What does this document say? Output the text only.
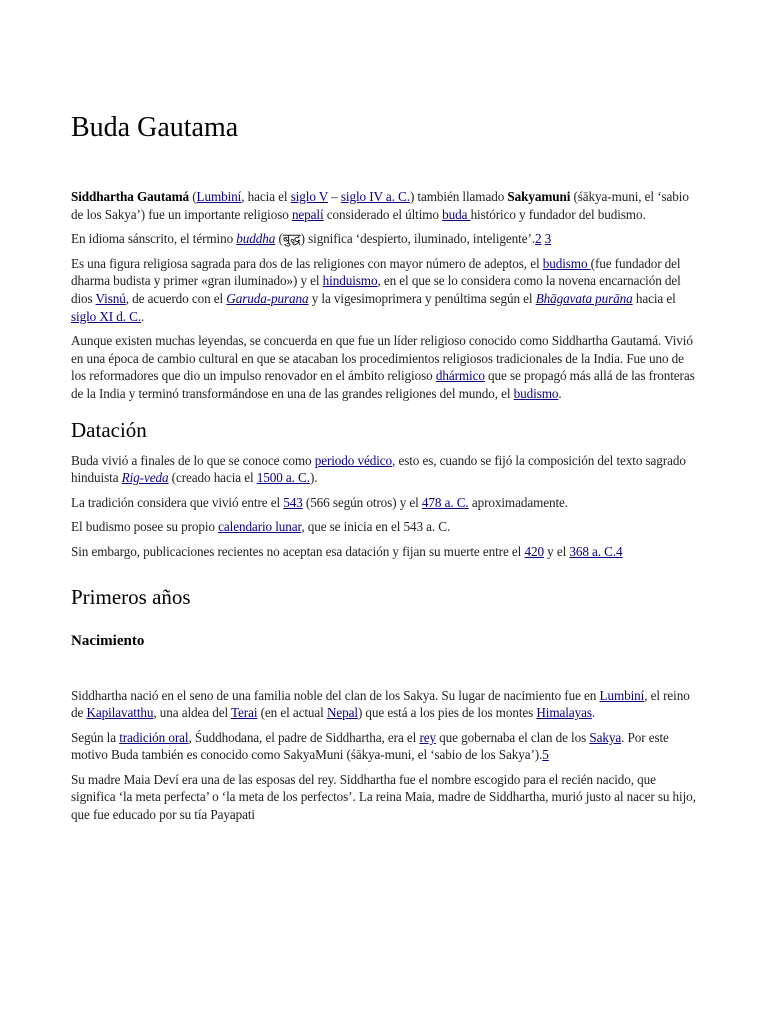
Buda Gautama

Siddhartha Gautamá (Lumbiní, hacia el siglo V – siglo IV a. C.) también llamado Sakyamuni (śākya-muni, el ‘sabio de los Sakya’) fue un importante religioso nepalí considerado el último buda histórico y fundador del budismo.

En idioma sánscrito, el término buddha (बुद्ध) significa ‘despierto, iluminado, inteligente’.2 3

Es una figura religiosa sagrada para dos de las religiones con mayor número de adeptos, el budismo (fue fundador del dharma budista y primer «gran iluminado») y el hinduismo, en el que se lo considera como la novena encarnación del dios Visnú, de acuerdo con el Garuda-purana y la vigesimoprimera y penúltima según el Bhāgavata purāna hacia el siglo XI d. C..

Aunque existen muchas leyendas, se concuerda en que fue un líder religioso conocido como Siddhartha Gautamá. Vivió en una época de cambio cultural en que se atacaban los procedimientos religiosos tradicionales de la India. Fue uno de los reformadores que dio un impulso renovador en el ámbito religioso dhármico que se propagó más allá de las fronteras de la India y terminó transformándose en una de las grandes religiones del mundo, el budismo.

Datación

Buda vivió a finales de lo que se conoce como periodo védico, esto es, cuando se fijó la composición del texto sagrado hinduista Rig-veda (creado hacia el 1500 a. C.).

La tradición considera que vivió entre el 543 (566 según otros) y el 478 a. C. aproximadamente.

El budismo posee su propio calendario lunar, que se inicia en el 543 a. C.

Sin embargo, publicaciones recientes no aceptan esa datación y fijan su muerte entre el 420 y el 368 a. C.4

Primeros años
Nacimiento

Siddhartha nació en el seno de una familia noble del clan de los Sakya. Su lugar de nacimiento fue en Lumbiní, el reino de Kapilavatthu, una aldea del Terai (en el actual Nepal) que está a los pies de los montes Himalayas.

Según la tradición oral, Śuddhodana, el padre de Siddhartha, era el rey que gobernaba el clan de los Sakya. Por este motivo Buda también es conocido como SakyaMuni (śākya-muni, el ‘sabio de los Sakya’).5

Su madre Maia Deví era una de las esposas del rey. Siddhartha fue el nombre escogido para el recién nacido, que significa ‘la meta perfecta’ o ‘la meta de los perfectos’. La reina Maia, madre de Siddhartha, murió justo al nacer su hijo, que fue educado por su tía Payapati
